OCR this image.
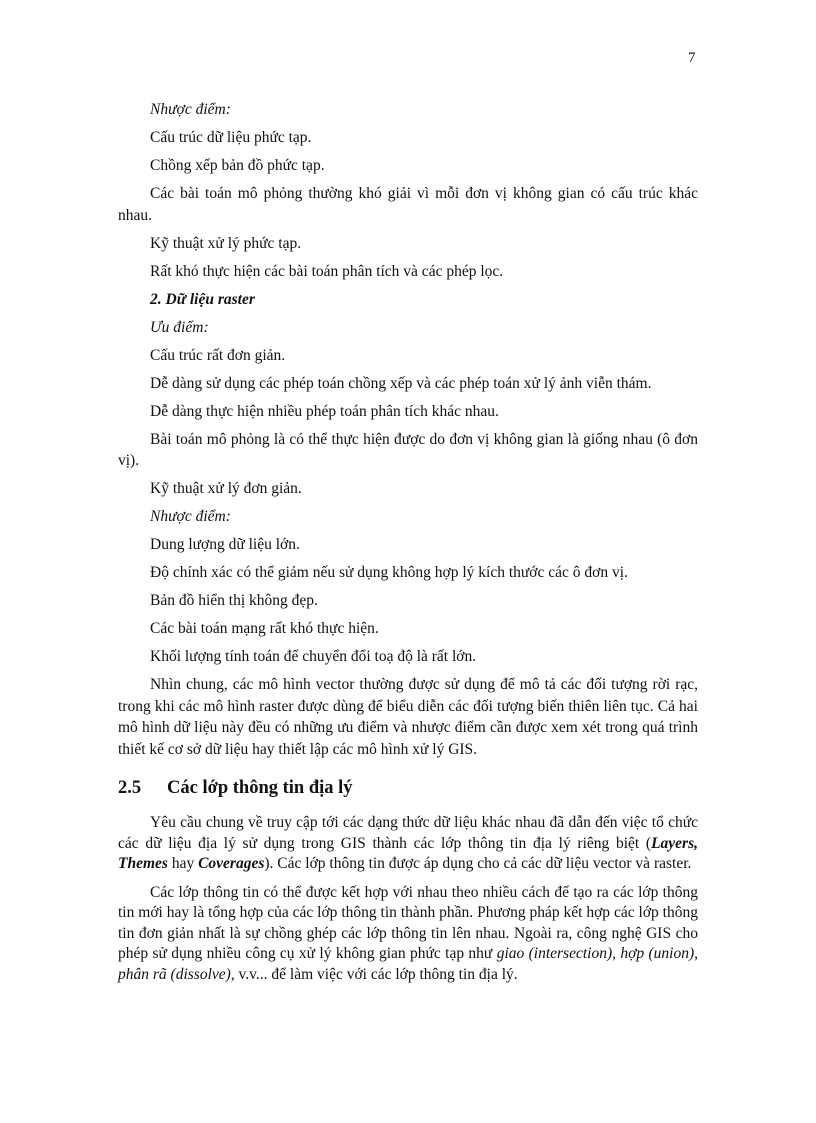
7

Nhược điểm:

Cấu trúc dữ liệu phức tạp.

Chồng xếp bản đồ phức tạp.

Các bài toán mô phỏng thường khó giải vì mỗi đơn vị không gian có cấu trúc khác nhau.

Kỹ thuật xử lý phức tạp.

Rất khó thực hiện các bài toán phân tích và các phép lọc.

2. Dữ liệu raster

Ưu điểm:

Cấu trúc rất đơn giản.

Dễ dàng sử dụng các phép toán chồng xếp và các phép toán xử lý ảnh viễn thám.

Dễ dàng thực hiện nhiều phép toán phân tích khác nhau.

Bài toán mô phỏng là có thể thực hiện được do đơn vị không gian là giống nhau (ô đơn vị).

Kỹ thuật xử lý đơn giản.

Nhược điểm:

Dung lượng dữ liệu lớn.

Độ chính xác có thể giảm nếu sử dụng không hợp lý kích thước các ô đơn vị.

Bản đồ hiển thị không đẹp.

Các bài toán mạng rất khó thực hiện.

Khối lượng tính toán để chuyển đổi toạ độ là rất lớn.

Nhìn chung, các mô hình vector thường được sử dụng để mô tả các đối tượng rời rạc, trong khi các mô hình raster được dùng để biểu diễn các đối tượng biến thiên liên tục. Cả hai mô hình dữ liệu này đều có những ưu điểm và nhược điểm cần được xem xét trong quá trình thiết kế cơ sở dữ liệu hay thiết lập các mô hình xử lý GIS.

2.5	Các lớp thông tin địa lý

Yêu cầu chung về truy cập tới các dạng thức dữ liệu khác nhau đã dẫn đến việc tổ chức các dữ liệu địa lý sử dụng trong GIS thành các lớp thông tin địa lý riêng biệt (Layers, Themes hay Coverages). Các lớp thông tin được áp dụng cho cả các dữ liệu vector và raster.

Các lớp thông tin có thể được kết hợp với nhau theo nhiều cách để tạo ra các lớp thông tin mới hay là tổng hợp của các lớp thông tin thành phần. Phương pháp kết hợp các lớp thông tin đơn giản nhất là sự chồng ghép các lớp thông tin lên nhau. Ngoài ra, công nghệ GIS cho phép sử dụng nhiều công cụ xử lý không gian phức tạp như giao (intersection), hợp (union), phân rã (dissolve), v.v... để làm việc với các lớp thông tin địa lý.
